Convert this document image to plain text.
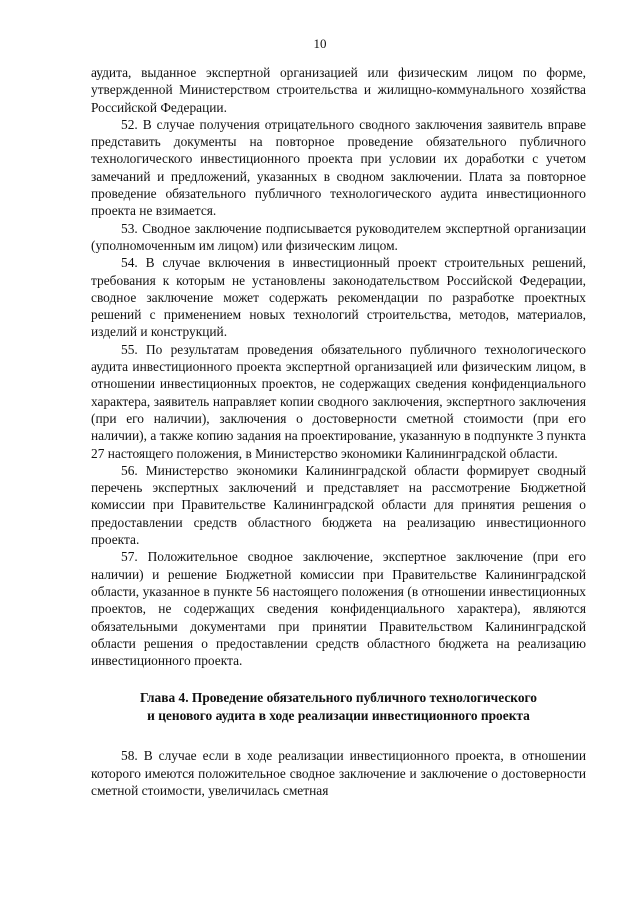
10

аудита, выданное экспертной организацией или физическим лицом по форме, утвержденной Министерством строительства и жилищно-коммунального хозяйства Российской Федерации.

52. В случае получения отрицательного сводного заключения заявитель вправе представить документы на повторное проведение обязательного публичного технологического инвестиционного проекта при условии их доработки с учетом замечаний и предложений, указанных в сводном заключении. Плата за повторное проведение обязательного публичного технологического аудита инвестиционного проекта не взимается.

53. Сводное заключение подписывается руководителем экспертной организации (уполномоченным им лицом) или физическим лицом.

54. В случае включения в инвестиционный проект строительных решений, требования к которым не установлены законодательством Российской Федерации, сводное заключение может содержать рекомендации по разработке проектных решений с применением новых технологий строительства, методов, материалов, изделий и конструкций.

55. По результатам проведения обязательного публичного технологического аудита инвестиционного проекта экспертной организацией или физическим лицом, в отношении инвестиционных проектов, не содержащих сведения конфиденциального характера, заявитель направляет копии сводного заключения, экспертного заключения (при его наличии), заключения о достоверности сметной стоимости (при его наличии), а также копию задания на проектирование, указанную в подпункте 3 пункта 27 настоящего положения, в Министерство экономики Калининградской области.

56. Министерство экономики Калининградской области формирует сводный перечень экспертных заключений и представляет на рассмотрение Бюджетной комиссии при Правительстве Калининградской области для принятия решения о предоставлении средств областного бюджета на реализацию инвестиционного проекта.

57. Положительное сводное заключение, экспертное заключение (при его наличии) и решение Бюджетной комиссии при Правительстве Калининградской области, указанное в пункте 56 настоящего положения (в отношении инвестиционных проектов, не содержащих сведения конфиденциального характера), являются обязательными документами при принятии Правительством Калининградской области решения о предоставлении средств областного бюджета на реализацию инвестиционного проекта.

Глава 4. Проведение обязательного публичного технологического
и ценового аудита в ходе реализации инвестиционного проекта

58. В случае если в ходе реализации инвестиционного проекта, в отношении которого имеются положительное сводное заключение и заключение о достоверности сметной стоимости, увеличилась сметная
